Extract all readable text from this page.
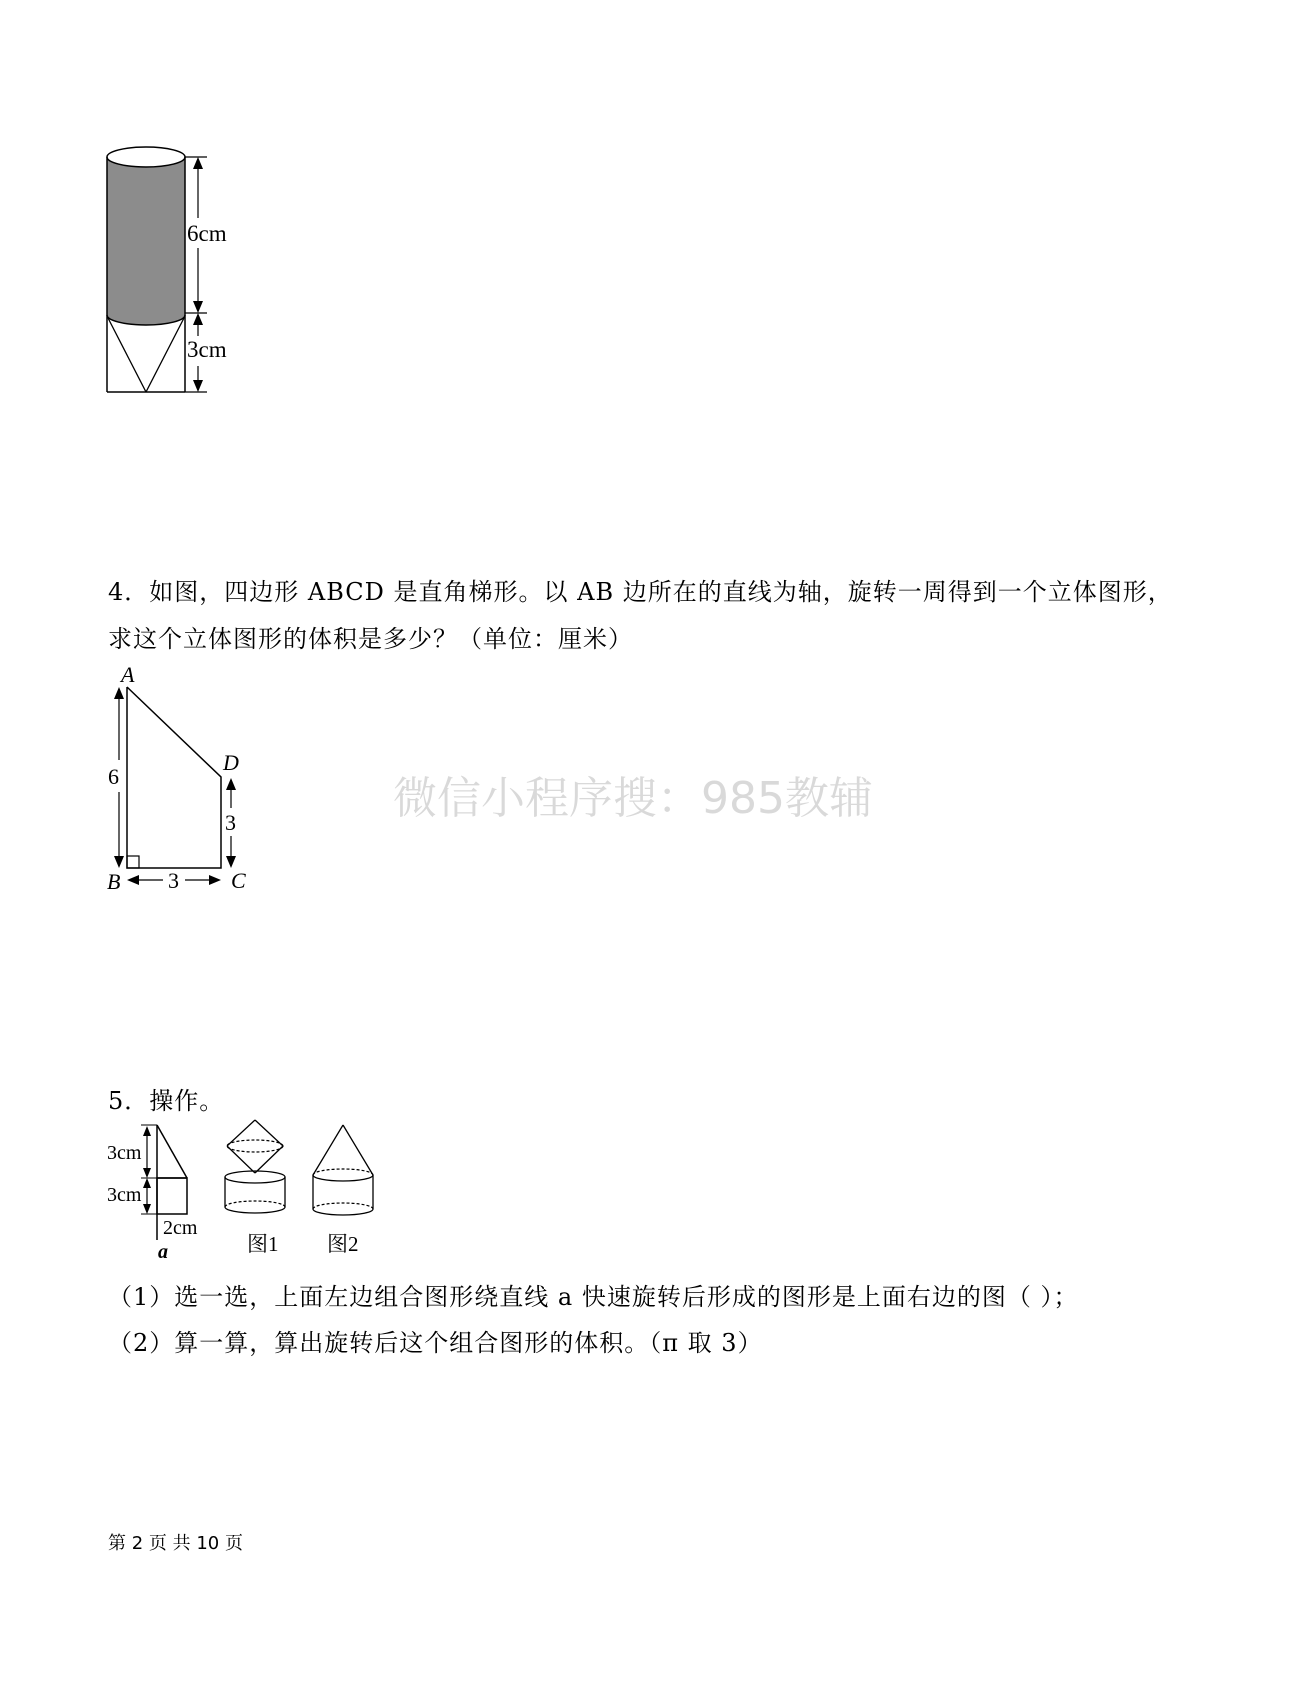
6cm
3cm
4．如图，四边形 ABCD 是直角梯形。以 AB 边所在的直线为轴，旋转一周得到一个立体图形，
求这个立体图形的体积是多少？（单位：厘米）
A
D
B	C
6
3
3
微信小程序搜：985教辅
5．操作。
3cm
3cm
2cm
a	图1 图2
（1）选一选，上面左边组合图形绕直线 a 快速旋转后形成的图形是上面右边的图（ ）；
（2）算一算，算出旋转后这个组合图形的体积。（π 取 3）
第 2 页 共 10 页
